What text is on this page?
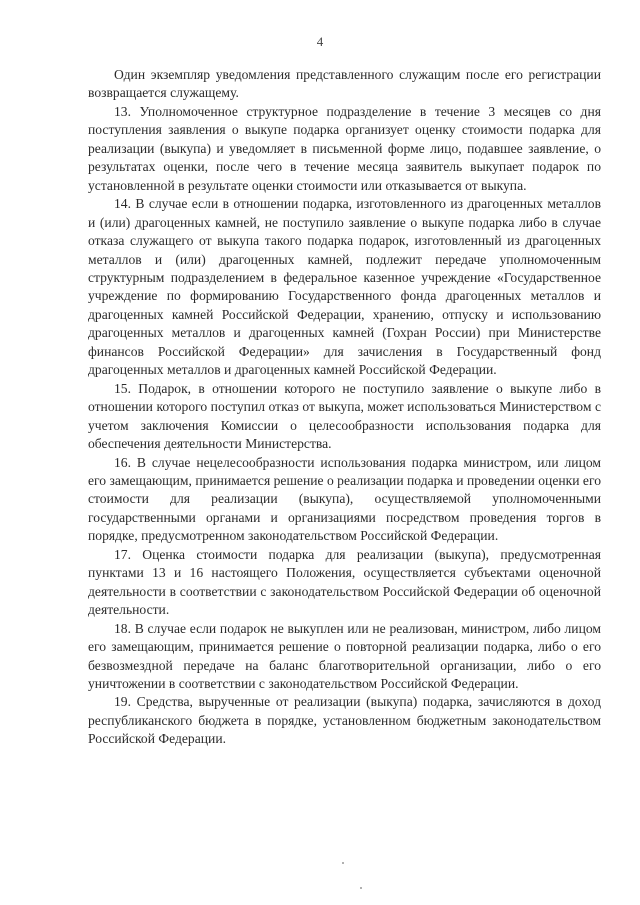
4

Один экземпляр уведомления представленного служащим после его регистрации возвращается служащему.

13. Уполномоченное структурное подразделение в течение 3 месяцев со дня поступления заявления о выкупе подарка организует оценку стоимости подарка для реализации (выкупа) и уведомляет в письменной форме лицо, подавшее заявление, о результатах оценки, после чего в течение месяца заявитель выкупает подарок по установленной в результате оценки стоимости или отказывается от выкупа.

14. В случае если в отношении подарка, изготовленного из драгоценных металлов и (или) драгоценных камней, не поступило заявление о выкупе подарка либо в случае отказа служащего от выкупа такого подарка подарок, изготовленный из драгоценных металлов и (или) драгоценных камней, подлежит передаче уполномоченным структурным подразделением в федеральное казенное учреждение «Государственное учреждение по формированию Государственного фонда драгоценных металлов и драгоценных камней Российской Федерации, хранению, отпуску и использованию драгоценных металлов и драгоценных камней (Гохран России) при Министерстве финансов Российской Федерации» для зачисления в Государственный фонд драгоценных металлов и драгоценных камней Российской Федерации.

15. Подарок, в отношении которого не поступило заявление о выкупе либо в отношении которого поступил отказ от выкупа, может использоваться Министерством с учетом заключения Комиссии о целесообразности использования подарка для обеспечения деятельности Министерства.

16. В случае нецелесообразности использования подарка министром, или лицом его замещающим, принимается решение о реализации подарка и проведении оценки его стоимости для реализации (выкупа), осуществляемой уполномоченными государственными органами и организациями посредством проведения торгов в порядке, предусмотренном законодательством Российской Федерации.

17. Оценка стоимости подарка для реализации (выкупа), предусмотренная пунктами 13 и 16 настоящего Положения, осуществляется субъектами оценочной деятельности в соответствии с законодательством Российской Федерации об оценочной деятельности.

18. В случае если подарок не выкуплен или не реализован, министром, либо лицом его замещающим, принимается решение о повторной реализации подарка, либо о его безвозмездной передаче на баланс благотворительной организации, либо о его уничтожении в соответствии с законодательством Российской Федерации.

19. Средства, вырученные от реализации (выкупа) подарка, зачисляются в доход республиканского бюджета в порядке, установленном бюджетным законодательством Российской Федерации.
